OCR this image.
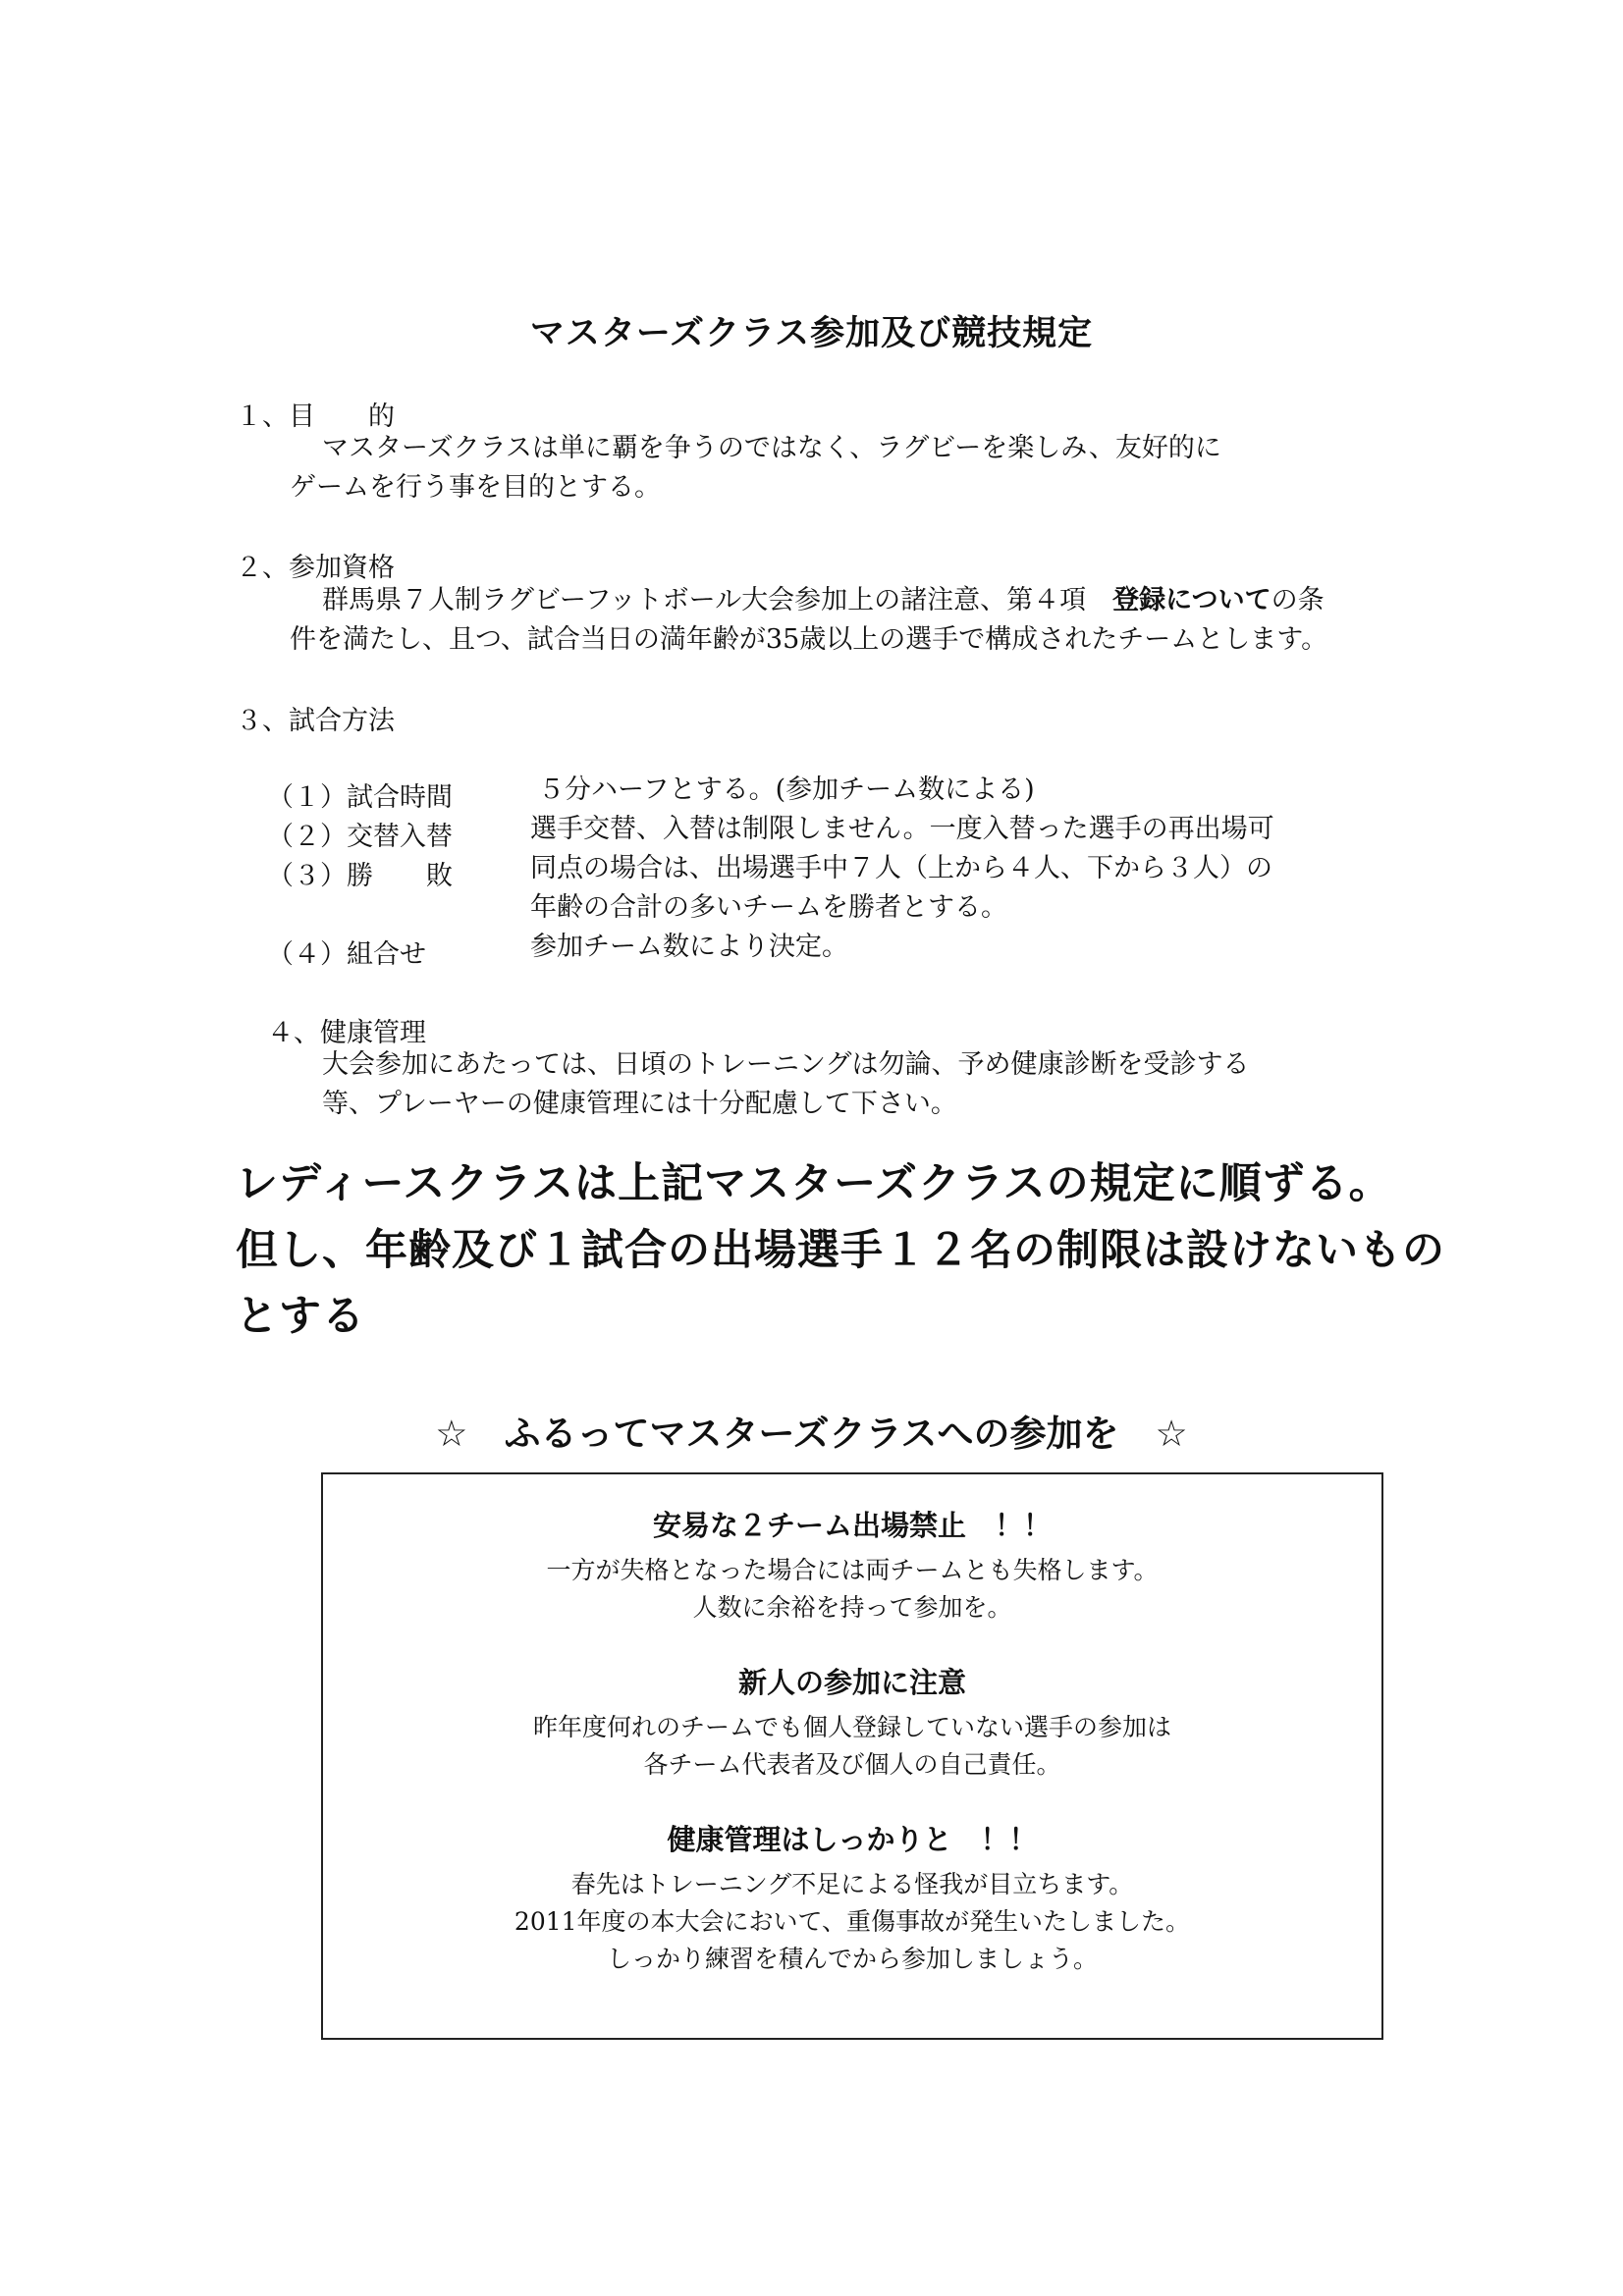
マスターズクラス参加及び競技規定
１、目　　的
マスターズクラスは単に覇を争うのではなく、ラグビーを楽しみ、友好的に
ゲームを行う事を目的とする。
２、参加資格
群馬県７人制ラグビーフットボール大会参加上の諸注意、第４項　 登録についての条
件を満たし、且つ、試合当日の満年齢が35歳以上の選手で構成されたチームとします。
３、試合方法
（１）試合時間	５分ハーフとする。(参加チーム数による)
（２）交替入替	選手交替、入替は制限しません。一度入替った選手の再出場可
（３）勝　　敗	同点の場合は、出場選手中７人（上から４人、下から３人）の
年齢の合計の多いチームを勝者とする。
（４）組合せ	参加チーム数により決定。
４、健康管理
大会参加にあたっては、日頃のトレーニングは勿論、予め健康診断を受診する
等、プレーヤーの健康管理には十分配慮して下さい。
レディースクラスは上記マスターズクラスの規定に順ずる。
但し、年齢及び１試合の出場選手１２名の制限は設けないもの
とする
☆　ふるってマスターズクラスへの参加を　☆
安易な２チーム出場禁止　！！
一方が失格となった場合には両チームとも失格します。
人数に余裕を持って参加を。
新人の参加に注意
昨年度何れのチームでも個人登録していない選手の参加は
各チーム代表者及び個人の自己責任。
健康管理はしっかりと　！！
春先はトレーニング不足による怪我が目立ちます。
2011年度の本大会において、重傷事故が発生いたしました。
しっかり練習を積んでから参加しましょう。
